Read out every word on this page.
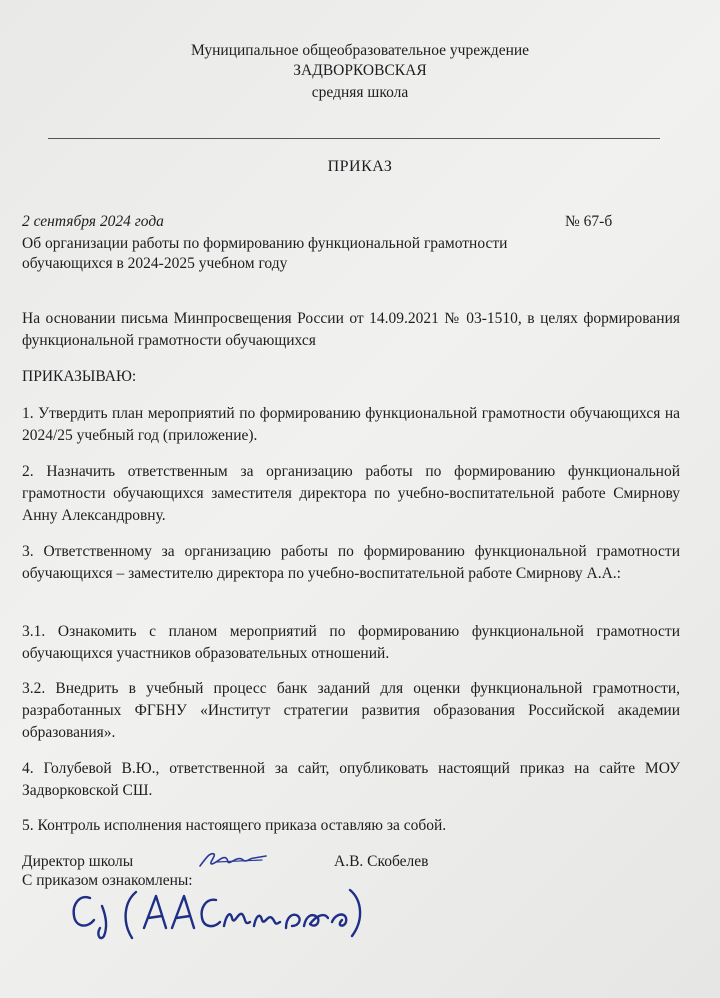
Муниципальное общеобразовательное учреждение
ЗАДВОРКОВСКАЯ
средняя школа
ПРИКАЗ
2 сентября 2024 года	№ 67-б
Об организации работы по формированию функциональной грамотности обучающихся в 2024-2025 учебном году
На основании письма Минпросвещения России от 14.09.2021 № 03-1510, в целях формирования функциональной грамотности обучающихся
ПРИКАЗЫВАЮ:
1. Утвердить план мероприятий по формированию функциональной грамотности обучающихся на 2024/25 учебный год (приложение).
2. Назначить ответственным за организацию работы по формированию функциональной грамотности обучающихся заместителя директора по учебно-воспитательной работе Смирнову Анну Александровну.
3. Ответственному за организацию работы по формированию функциональной грамотности обучающихся – заместителю директора по учебно-воспитательной работе Смирнову А.А.:
3.1. Ознакомить с планом мероприятий по формированию функциональной грамотности обучающихся участников образовательных отношений.
3.2. Внедрить в учебный процесс банк заданий для оценки функциональной грамотности, разработанных ФГБНУ «Институт стратегии развития образования Российской академии образования».
4. Голубевой В.Ю., ответственной за сайт, опубликовать настоящий приказ на сайте МОУ Задворковской СШ.
5. Контроль исполнения настоящего приказа оставляю за собой.
Директор школы	А.В. Скобелев
С приказом ознакомлены:
